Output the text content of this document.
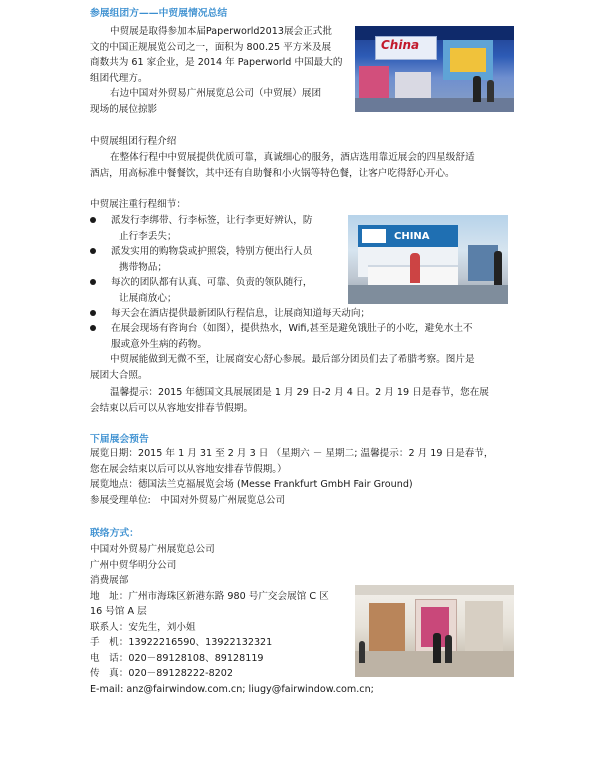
参展组团方——中贸展情况总结
中贸展是取得参加本届Paperworld2013展会正式批
文的中国正规展览公司之一，面积为 800.25 平方米及展
商数共为 61 家企业，是 2014 年 Paperworld 中国最大的
组团代理方。
右边中国对外贸易广州展览总公司（中贸展）展团
现场的展位掠影
China
中贸展组团行程介绍
在整体行程中中贸展提供优质可靠，真诚细心的服务，酒店选用靠近展会的四星级舒适
酒店，用高标准中餐餐饮，其中还有自助餐和小火锅等特色餐，让客户吃得舒心开心。
中贸展注重行程细节：
派发行李绑带、行李标签，让行李更好辨认，防
止行李丢失；
派发实用的购物袋或护照袋，特别方便出行人员
携带物品；
每次的团队都有认真、可靠、负责的领队随行，
让展商放心；
每天会在酒店提供最新团队行程信息，让展商知道每天动向；
在展会现场有咨询台（如图），提供热水，Wifi,甚至是避免饿肚子的小吃，避免水土不
服或意外生病的药物。
中贸展能做到无微不至，让展商安心舒心参展。最后部分团员们去了希腊考察。图片是
展团大合照。
温馨提示：2015 年德国文具展展团是 1 月 29 日-2 月 4 日。2 月 19 日是春节，您在展
会结束以后可以从容地安排春节假期。
CHINA
下届展会预告
展览日期：2015 年 1 月 31 至 2 月 3 日 （星期六 － 星期二; 温馨提示：2 月 19 日是春节，
您在展会结束以后可以从容地安排春节假期。）
展览地点：德国法兰克福展览会场 (Messe Frankfurt GmbH Fair Ground)
参展受理单位:　中国对外贸易广州展览总公司
联络方式：
中国对外贸易广州展览总公司
广州中贸华明分公司
消费展部
地　址：广州市海珠区新港东路 980 号广交会展馆 C 区
16 号馆 A 层
联系人：安先生，刘小姐
手　机：13922216590、13922132321
电　话：020－89128108、89128119
传　真：020－89128222-8202
E-mail: anz@fairwindow.com.cn; liugy@fairwindow.com.cn;
